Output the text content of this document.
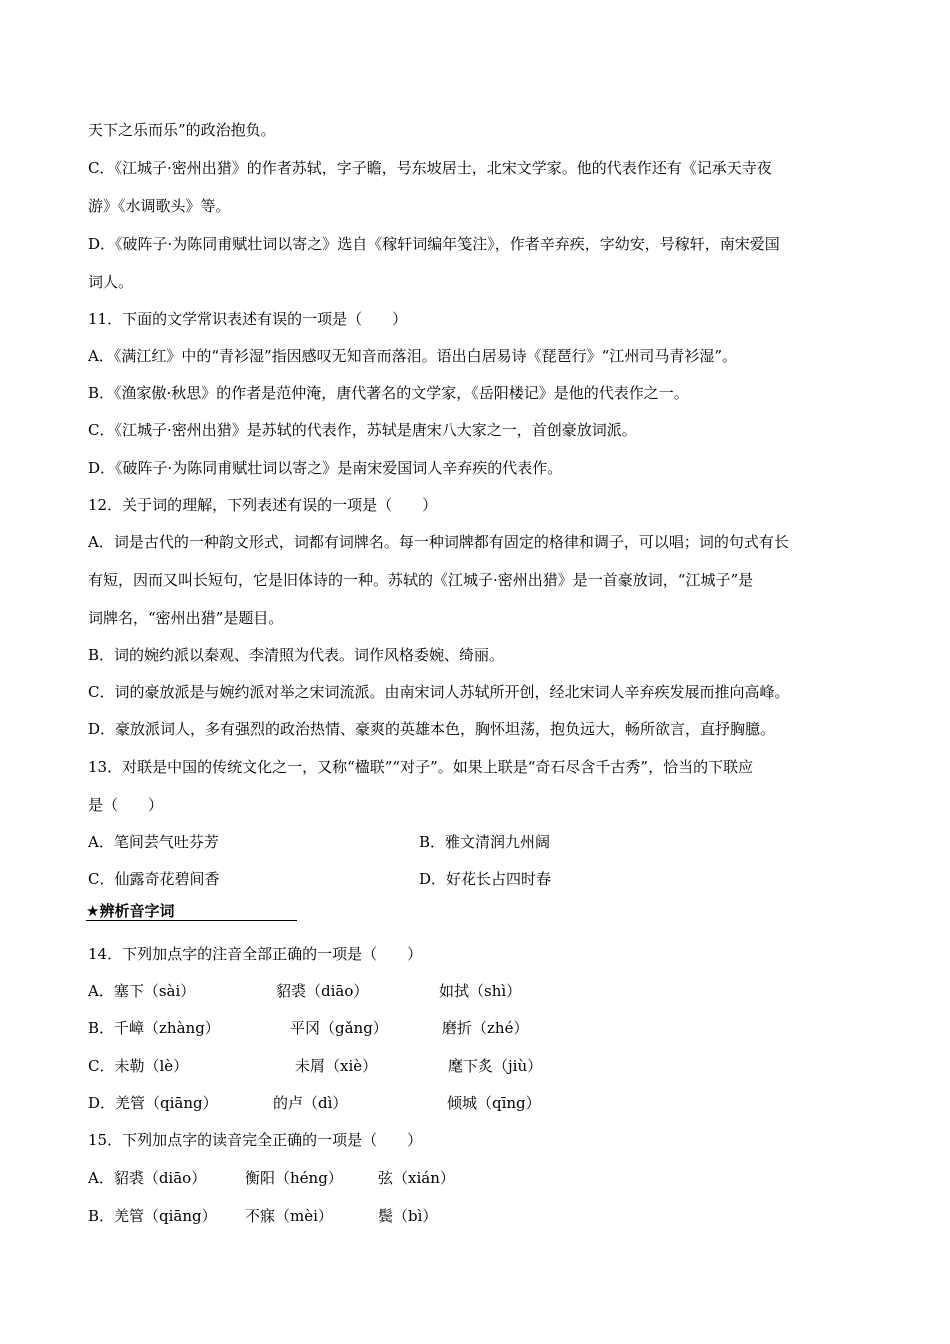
天下之乐而乐”的政治抱负。
C．《江城子·密州出猎》的作者苏轼，字子瞻，号东坡居士，北宋文学家。他的代表作还有《记承天寺夜
游》《水调歌头》等。
D．《破阵子·为陈同甫赋壮词以寄之》选自《稼轩词编年笺注》，作者辛弃疾，字幼安，号稼轩，南宋爱国
词人。
11．下面的文学常识表述有误的一项是（　　）
A．《满江红》中的“青衫湿”指因感叹无知音而落泪。语出白居易诗《琵琶行》“江州司马青衫湿”。
B．《渔家傲·秋思》的作者是范仲淹，唐代著名的文学家，《岳阳楼记》是他的代表作之一。
C．《江城子·密州出猎》是苏轼的代表作，苏轼是唐宋八大家之一，首创豪放词派。
D．《破阵子·为陈同甫赋壮词以寄之》是南宋爱国词人辛弃疾的代表作。
12．关于词的理解，下列表述有误的一项是（　　）
A．词是古代的一种韵文形式，词都有词牌名。每一种词牌都有固定的格律和调子，可以唱；词的句式有长
有短，因而又叫长短句，它是旧体诗的一种。苏轼的《江城子·密州出猎》是一首豪放词，“江城子”是
词牌名，“密州出猎”是题目。
B．词的婉约派以秦观、李清照为代表。词作风格委婉、绮丽。
C．词的豪放派是与婉约派对举之宋词流派。由南宋词人苏轼所开创，经北宋词人辛弃疾发展而推向高峰。
D．豪放派词人，多有强烈的政治热情、豪爽的英雄本色，胸怀坦荡，抱负远大，畅所欲言，直抒胸臆。
13．对联是中国的传统文化之一，又称“楹联”“对子”。如果上联是“奇石尽含千古秀”，恰当的下联应
是（　　）
A．笔间芸气吐芬芳	B．雅文清润九州阔
C．仙露奇花碧间香	D．好花长占四时春
★辨析音字词
14．下列加点字的注音全部正确的一项是（　　）
A．塞下（sài）	貂裘（diāo）	如拭（shì）
B．千嶂（zhàng）	平冈（gǎng）	磨折（zhé）
C．未勒（lè）	未屑（xiè）	麾下炙（jiù）
D．羌管（qiāng）	的卢（dì）	倾城（qīng）
15．下列加点字的读音完全正确的一项是（　　）
A．貂裘（diāo）	衡阳（héng） 弦（xián）
B．羌管（qiāng） 不寐（mèi）	鬓（bì）
